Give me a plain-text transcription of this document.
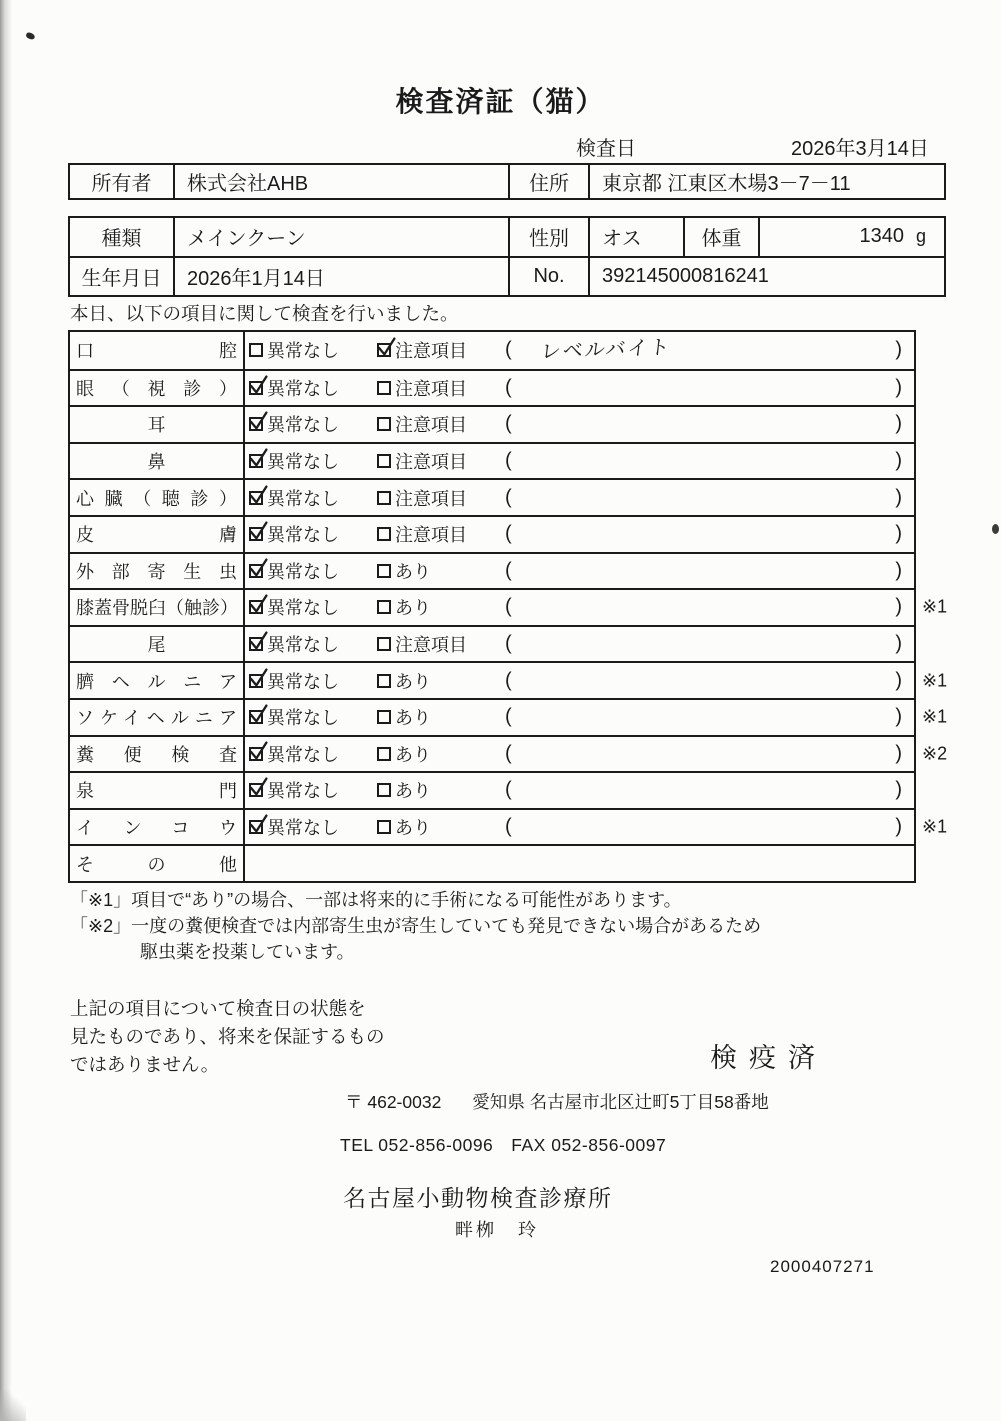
検査済証（猫）
検査日	2026年3月14日
所有者	株式会社AHB	住所	東京都 江東区木場3－7－11
種類	メインクーン	性別	オス	体重	1340 g
生年月日	2026年1月14日	No.	392145000816241

本日、以下の項目に関して検査を行いました。

口腔 異常なし	注意項目 ( レベルバイト	)
眼（視診） 異常なし	注意項目 (	)
耳	異常なし	注意項目 (	)
鼻	異常なし	注意項目 (	)
心臓（聴診） 異常なし	注意項目 (	)
皮膚 異常なし	注意項目 (	)
外部寄生虫 異常なし	あり	(	)
膝蓋骨脱臼（触診） 異常なし	あり	(	) ※1
尾	異常なし	注意項目 (	)
臍ヘルニア 異常なし	あり	(	) ※1
ソケイヘルニア 異常なし	あり	(	) ※1
糞便検査 異常なし	あり	(	) ※2
泉門 異常なし	あり	(	)
インコウ 異常なし	あり	(	) ※1
その他

「※1」項目で“あり”の場合、一部は将来的に手術になる可能性があります。

「※2」一度の糞便検査では内部寄生虫が寄生していても発見できない場合があるため

駆虫薬を投薬しています。

上記の項目について検査日の状態を
見たものであり、将来を保証するもの
ではありません。	検疫済
〒 462-0032 愛知県 名古屋市北区辻町5丁目58番地
TEL 052-856-0096　FAX 052-856-0097
名古屋小動物検査診療所
畔栁　玲
2000407271
